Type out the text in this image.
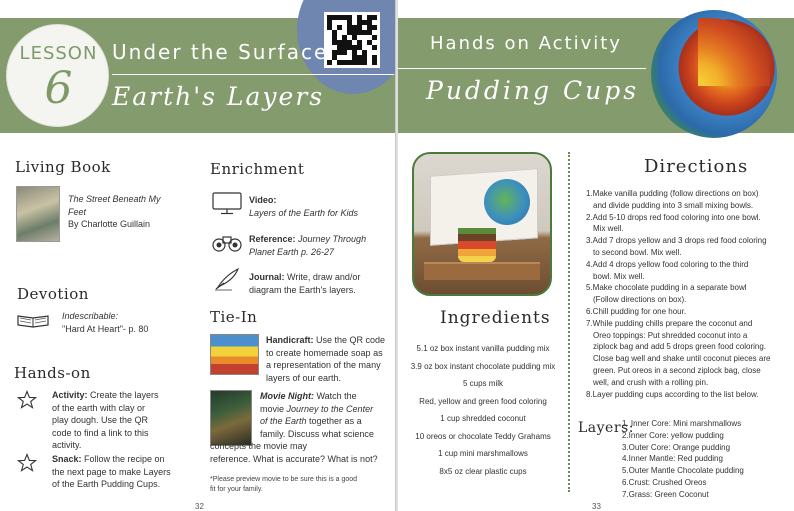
LESSON
6
Under the Surface
Earth's Layers
Living Book
The Street Beneath My
Feet
By Charlotte Guillain
Devotion
Indescribable:
"Hard At Heart"- p. 80
Hands-on
Activity: Create the layers
of the earth with clay or
play dough. Use the QR
code to find a link to this
activity.
Snack: Follow the recipe on
the next page to make Layers
of the Earth Pudding Cups.
Enrichment
Video:
Layers of the Earth for Kids
Reference: Journey Through
Planet Earth p. 26-27
Journal: Write, draw and/or
diagram the Earth's layers.
Tie-In
Handicraft: Use the QR code
to create homemade soap as
a representation of the many
layers of our earth.
Movie Night: Watch the
movie Journey to the Center
of the Earth together as a
family. Discuss what science
concepts the movie may
reference. What is accurate? What is not?
*Please preview movie to be sure this is a good
fit for your family.
32
Hands on Activity
Pudding Cups
Ingredients
5.1 oz box instant vanilla pudding mix
3.9 oz box instant chocolate pudding mix
5 cups milk
Red, yellow and green food coloring
1 cup shredded coconut
10 oreos or chocolate Teddy Grahams
1 cup mini marshmallows
8x5 oz clear plastic cups
Directions
1.Make vanilla pudding (follow directions on box)
and divide pudding into 3 small mixing bowls.
2.Add 5-10 drops red food coloring into one bowl.
Mix well.
3.Add 7 drops yellow and 3 drops red food coloring
to second bowl. Mix well.
4.Add 4 drops yellow food coloring to the third
bowl. Mix well.
5.Make chocolate pudding in a separate bowl
(Follow directions on box).
6.Chill pudding for one hour.
7.While pudding chills prepare the coconut and
Oreo toppings: Put shredded coconut into a
ziplock bag and add 5 drops green food coloring.
Close bag well and shake until coconut pieces are
green. Put oreos in a second ziplock bag, close
well, and crush with a rolling pin.
8.Layer pudding cups according to the list below.
Layers:
1. Inner Core: Mini marshmallows
2.Inner Core: yellow pudding
3.Outer Core: Orange pudding
4.Inner Mantle: Red pudding
5.Outer Mantle Chocolate pudding
6.Crust: Crushed Oreos
7.Grass: Green Coconut
33
